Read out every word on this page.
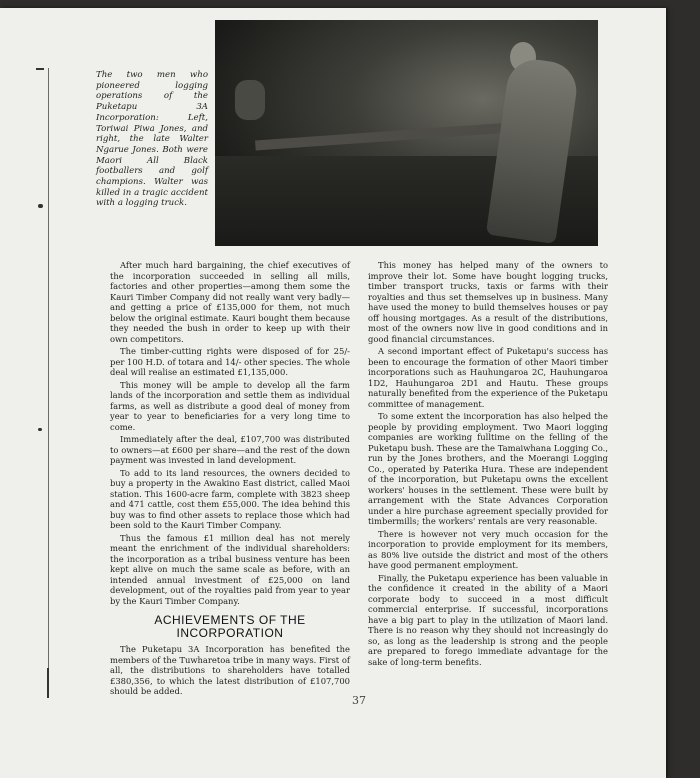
The two men who pioneered logging operations of the Puketapu 3A Incorporation: Left, Toriwai Piwa Jones, and right, the late Walter Ngarue Jones. Both were Maori All Black footballers and golf champions. Walter was killed in a tragic accident with a logging truck.

After much hard bargaining, the chief executives of the incorporation succeeded in selling all mills, factories and other properties—among them some the Kauri Timber Company did not really want very badly—and getting a price of £135,000 for them, not much below the original estimate. Kauri bought them because they needed the bush in order to keep up with their own competitors.

The timber-cutting rights were disposed of for 25/- per 100 H.D. of totara and 14/- other species. The whole deal will realise an estimated £1,135,000.

This money will be ample to develop all the farm lands of the incorporation and settle them as individual farms, as well as distribute a good deal of money from year to year to beneficiaries for a very long time to come.

Immediately after the deal, £107,700 was distributed to owners—at £600 per share—and the rest of the down payment was invested in land development.

To add to its land resources, the owners decided to buy a property in the Awakino East district, called Maoi station. This 1600-acre farm, complete with 3823 sheep and 471 cattle, cost them £55,000. The idea behind this buy was to find other assets to replace those which had been sold to the Kauri Timber Company.

Thus the famous £1 million deal has not merely meant the enrichment of the individual shareholders: the incorporation as a tribal business venture has been kept alive on much the same scale as before, with an intended annual investment of £25,000 on land development, out of the royalties paid from year to year by the Kauri Timber Company.

ACHIEVEMENTS OF THE INCORPORATION

The Puketapu 3A Incorporation has benefited the members of the Tuwharetoa tribe in many ways. First of all, the distributions to shareholders have totalled £380,356, to which the latest distribution of £107,700 should be added.

This money has helped many of the owners to improve their lot. Some have bought logging trucks, timber transport trucks, taxis or farms with their royalties and thus set themselves up in business. Many have used the money to build themselves houses or pay off housing mortgages. As a result of the distributions, most of the owners now live in good conditions and in good financial circumstances.

A second important effect of Puketapu's success has been to encourage the formation of other Maori timber incorporations such as Hauhungaroa 2C, Hauhungaroa 1D2, Hauhungaroa 2D1 and Hautu. These groups naturally benefited from the experience of the Puketapu committee of management.

To some extent the incorporation has also helped the people by providing employment. Two Maori logging companies are working fulltime on the felling of the Puketapu bush. These are the Tamaiwhana Logging Co., run by the Jones brothers, and the Moerangi Logging Co., operated by Paterika Hura. These are independent of the incorporation, but Puketapu owns the excellent workers' houses in the settlement. These were built by arrangement with the State Advances Corporation under a hire purchase agreement specially provided for timbermills; the workers' rentals are very reasonable.

There is however not very much occasion for the incorporation to provide employment for its members, as 80% live outside the district and most of the others have good permanent employment.

Finally, the Puketapu experience has been valuable in the confidence it created in the ability of a Maori corporate body to succeed in a most difficult commercial enterprise. If successful, incorporations have a big part to play in the utilization of Maori land. There is no reason why they should not increasingly do so, as long as the leadership is strong and the people are prepared to forego immediate advantage for the sake of long-term benefits.

37
